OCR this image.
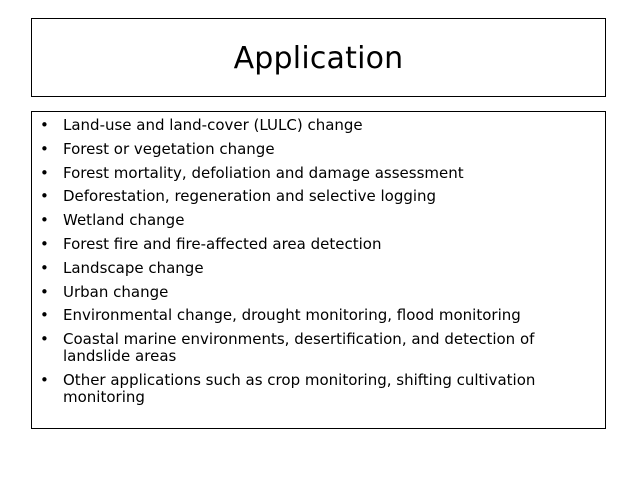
Application
• Land-use and land-cover (LULC) change
• Forest or vegetation change
• Forest mortality, defoliation and damage assessment
• Deforestation, regeneration and selective logging
• Wetland change
• Forest fire and fire-affected area detection
• Landscape change
• Urban change
• Environmental change, drought monitoring, flood monitoring
• Coastal marine environments, desertification, and detection of landslide areas
• Other applications such as crop monitoring, shifting cultivation monitoring
